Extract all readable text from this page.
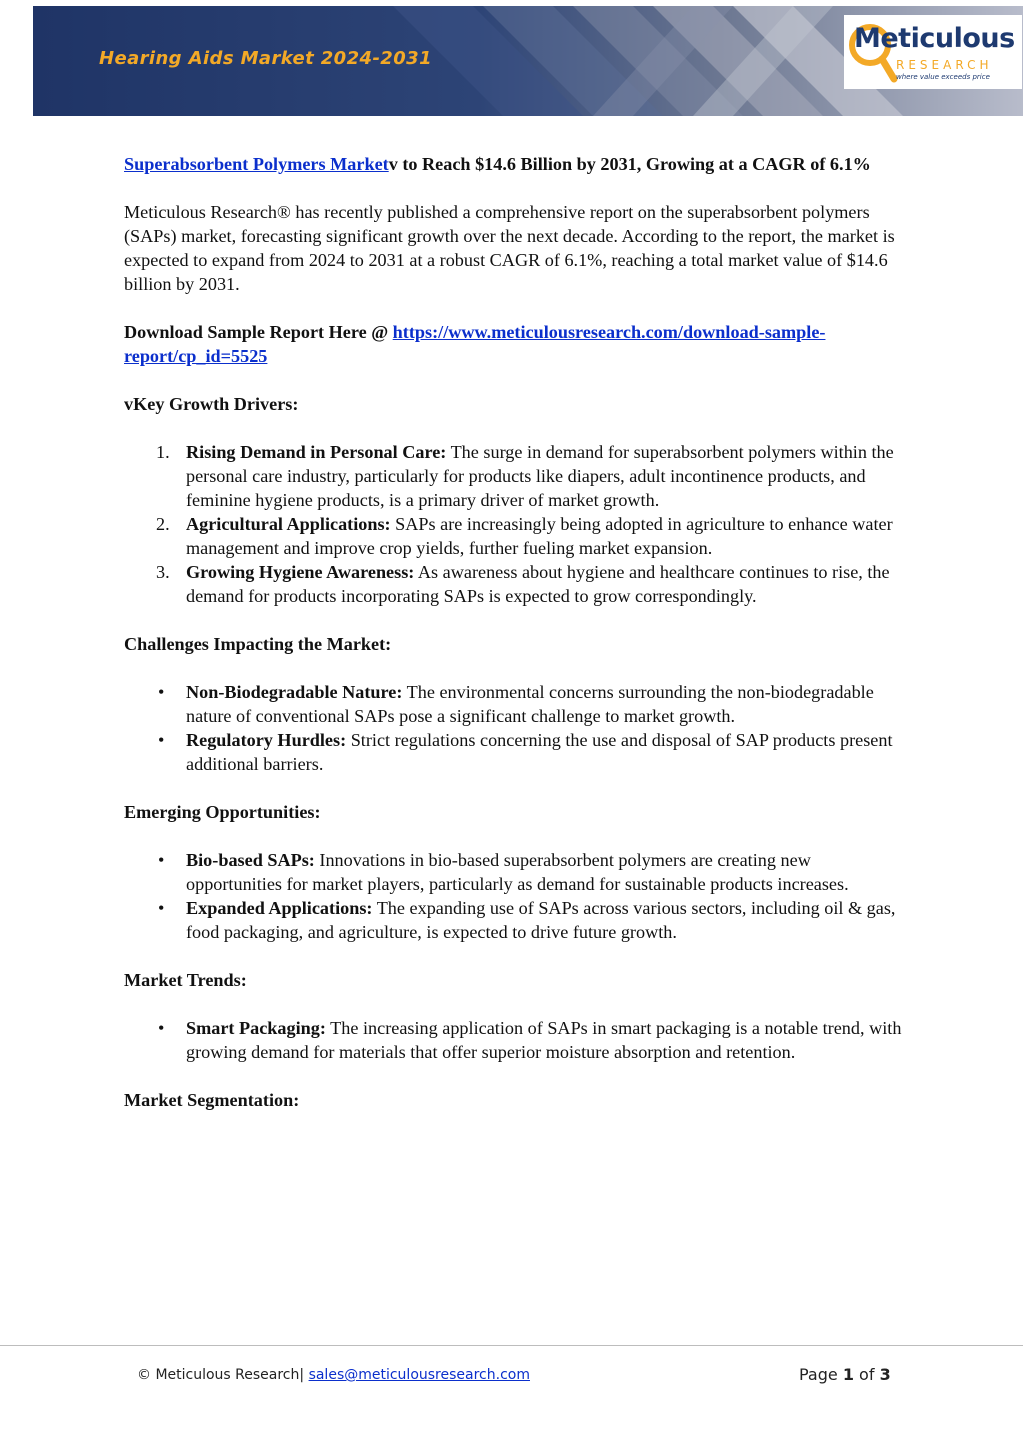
Hearing Aids Market 2024-2031
Meticulous
RESEARCH
where value exceeds price

Superabsorbent Polymers Marketv to Reach $14.6 Billion by 2031, Growing at a CAGR of 6.1%

Meticulous Research® has recently published a comprehensive report on the superabsorbent polymers (SAPs) market, forecasting significant growth over the next decade. According to the report, the market is expected to expand from 2024 to 2031 at a robust CAGR of 6.1%, reaching a total market value of $14.6 billion by 2031.

Download Sample Report Here @ https://www.meticulousresearch.com/download-sample-report/cp_id=5525

vKey Growth Drivers:

1. Rising Demand in Personal Care: The surge in demand for superabsorbent polymers within the personal care industry, particularly for products like diapers, adult incontinence products, and feminine hygiene products, is a primary driver of market growth.
2. Agricultural Applications: SAPs are increasingly being adopted in agriculture to enhance water management and improve crop yields, further fueling market expansion.
3. Growing Hygiene Awareness: As awareness about hygiene and healthcare continues to rise, the demand for products incorporating SAPs is expected to grow correspondingly.

Challenges Impacting the Market:

• Non-Biodegradable Nature: The environmental concerns surrounding the non-biodegradable nature of conventional SAPs pose a significant challenge to market growth.
• Regulatory Hurdles: Strict regulations concerning the use and disposal of SAP products present additional barriers.

Emerging Opportunities:

• Bio-based SAPs: Innovations in bio-based superabsorbent polymers are creating new opportunities for market players, particularly as demand for sustainable products increases.
• Expanded Applications: The expanding use of SAPs across various sectors, including oil & gas, food packaging, and agriculture, is expected to drive future growth.

Market Trends:

• Smart Packaging: The increasing application of SAPs in smart packaging is a notable trend, with growing demand for materials that offer superior moisture absorption and retention.

Market Segmentation:

© Meticulous Research| sales@meticulousresearch.com	Page 1 of 3
